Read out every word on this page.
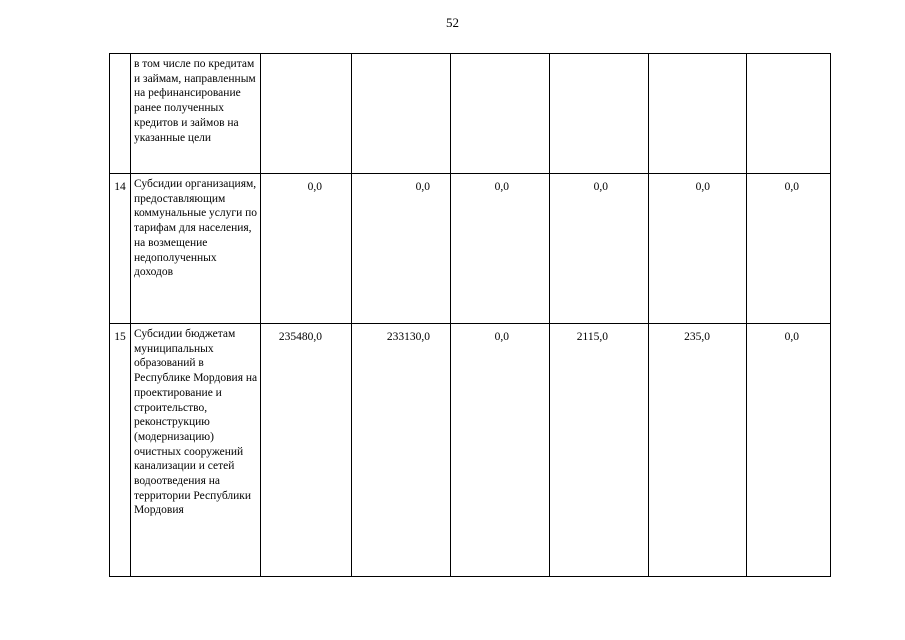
52
	в том числе по кредитам и займам, направленным на рефинансирование ранее полученных кредитов и займов на указанные цели	

14	Субсидии организациям, предоставляющим коммунальные услуги по тарифам для населения, на возмещение недополученных доходов	0,0	0,0	0,0	0,0	0,0	0,0

15	Субсидии бюджетам муниципальных образований в Республике Мордовия на проектирование и строительство, реконструкцию (модернизацию) очистных сооружений канализации и сетей водоотведения на территории Республики Мордовия	235480,0	233130,0	0,0	2115,0	235,0	0,0
